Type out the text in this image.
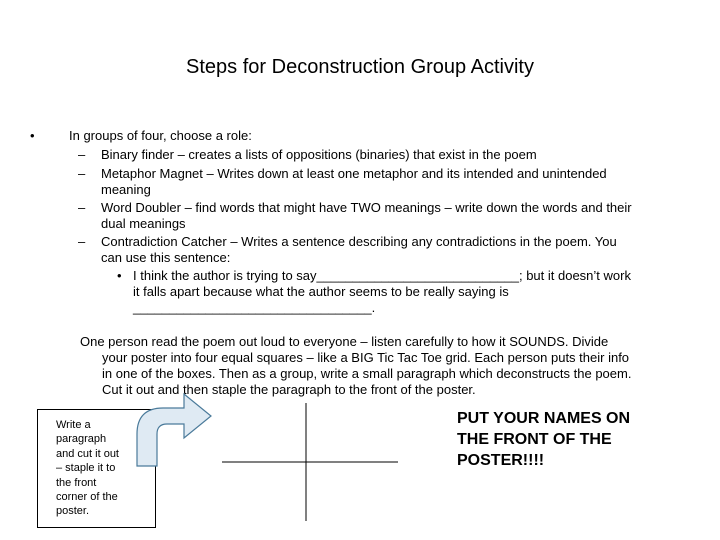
Steps for Deconstruction Group Activity
•	In groups of four, choose a role:
– Binary finder – creates a lists of oppositions (binaries) that exist in the poem
– Metaphor Magnet – Writes down at least one metaphor and its intended and unintended
meaning
– Word Doubler – find words that might have TWO meanings – write down the words and their
dual meanings
– Contradiction Catcher – Writes a sentence describing any contradictions in the poem. You
can use this sentence:
• I think the author is trying to say____________________________; but it doesn’t work
it falls apart because what the author seems to be really saying is
_________________________________.
One person read the poem out loud to everyone – listen carefully to how it SOUNDS. Divide
your poster into four equal squares – like a BIG Tic Tac Toe grid. Each person puts their info
in one of the boxes. Then as a group, write a small paragraph which deconstructs the poem.
Cut it out and then staple the paragraph to the front of the poster.
Write a
paragraph
and cut it out
– staple it to
the front
corner of the
poster.
PUT YOUR NAMES ON
THE FRONT OF THE
POSTER!!!!
